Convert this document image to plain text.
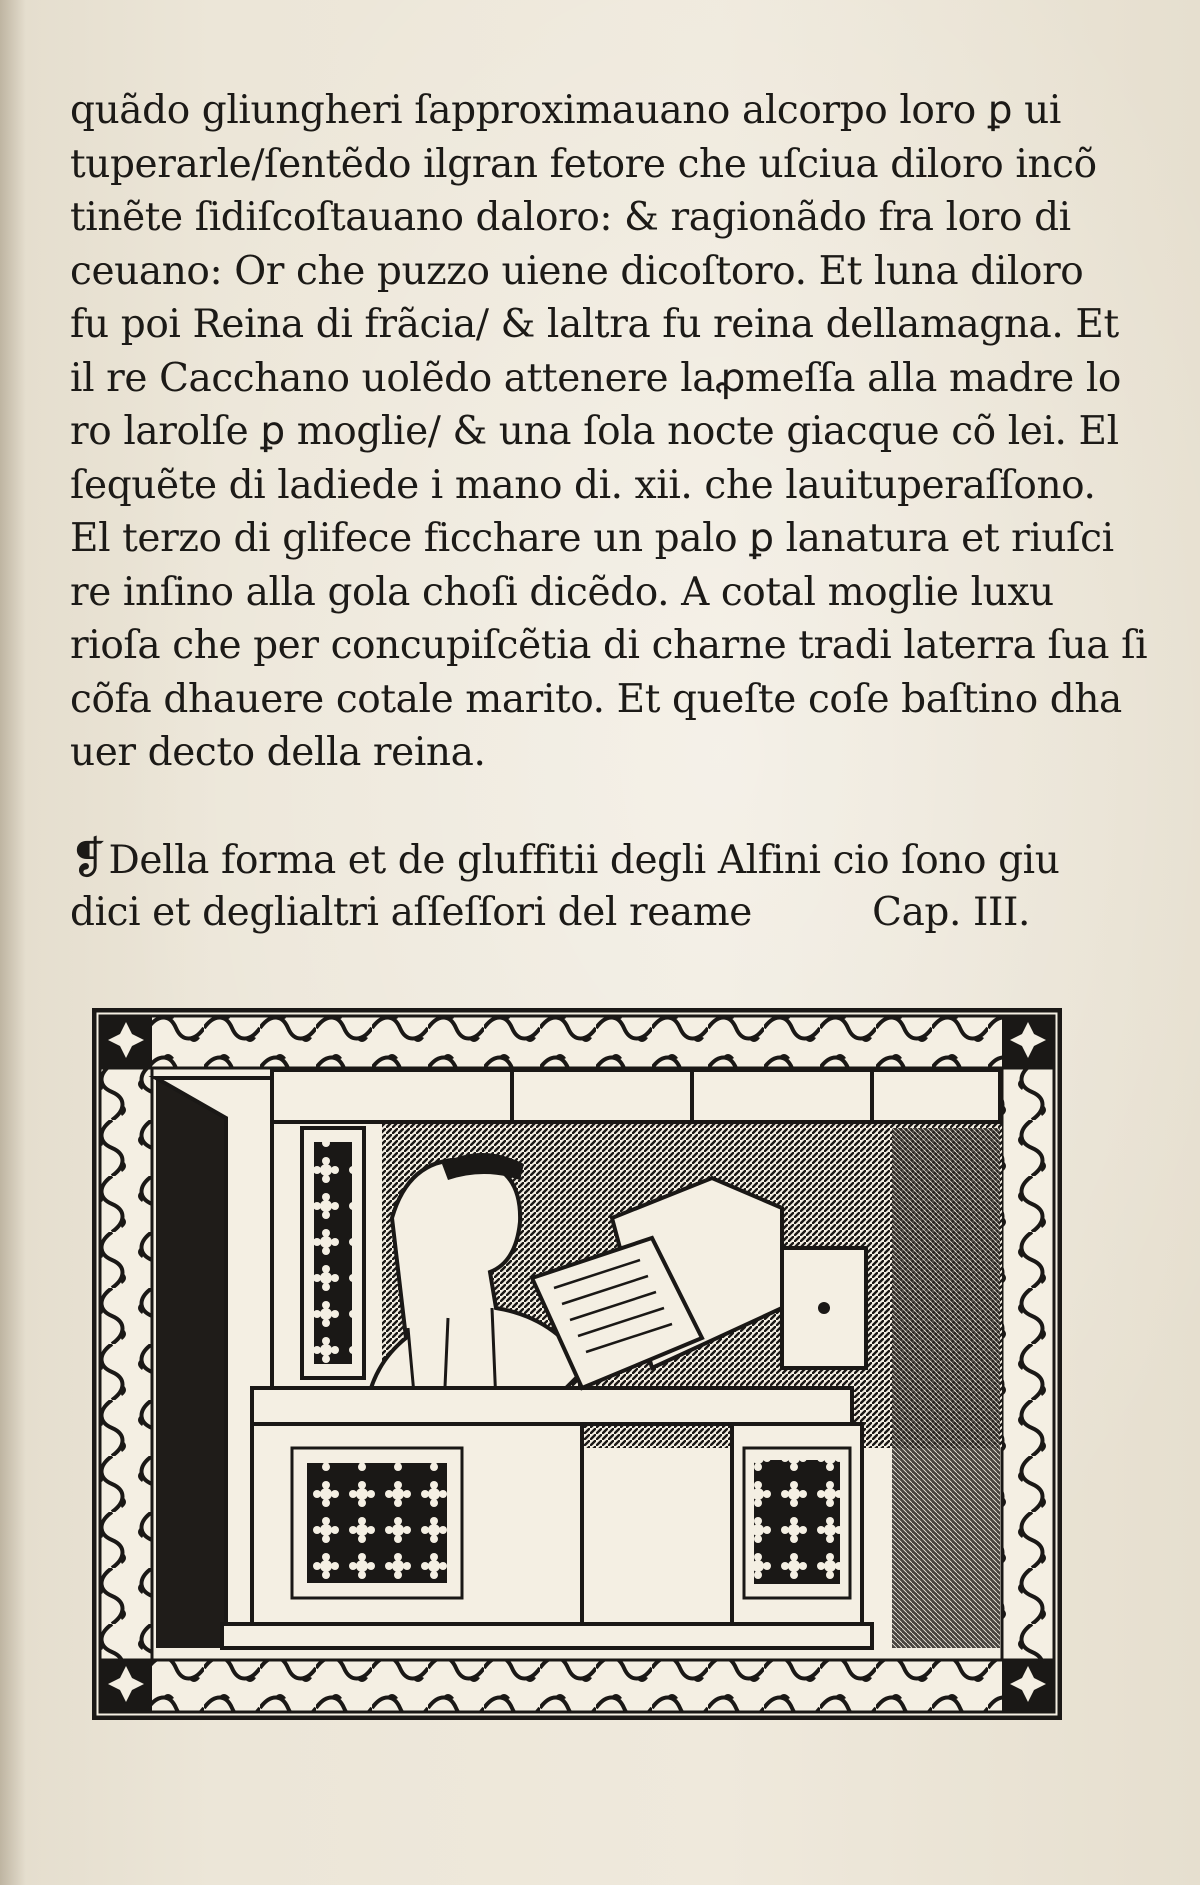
quãdo gliungheri ſapproximauano alcorpo loro ꝑ ui
tuperarle/ſentẽdo ilgran fetore che uſciua diloro incõ
tinẽte ſidiſcoſtauano daloro: & ragionãdo fra loro di
ceuano: Or che puzzo uiene dicoſtoro. Et luna diloro
fu poi Reina di frãcia/ & laltra fu reina dellamagna. Et
il re Cacchano uolẽdo attenere laꝓmeſſa alla madre lo
ro larolſe ꝑ moglie/ & una ſola nocte giacque cõ lei. El
ſequẽte di ladiede i mano di. xii. che lauituperaſſono.
El terzo di glifece ficchare un palo ꝑ lanatura et riuſci
re inſino alla gola choſi dicẽdo. A cotal moglie luxu
rioſa che per concupiſcẽtia di charne tradi laterra ſua ſi
cõfa dhauere cotale marito. Et queſte coſe baſtino dha
uer decto della reina.
❡Della forma et de gluffitii degli Alfini cio ſono giu
dici et deglialtri aſſeſſori del reame	Cap. III.
